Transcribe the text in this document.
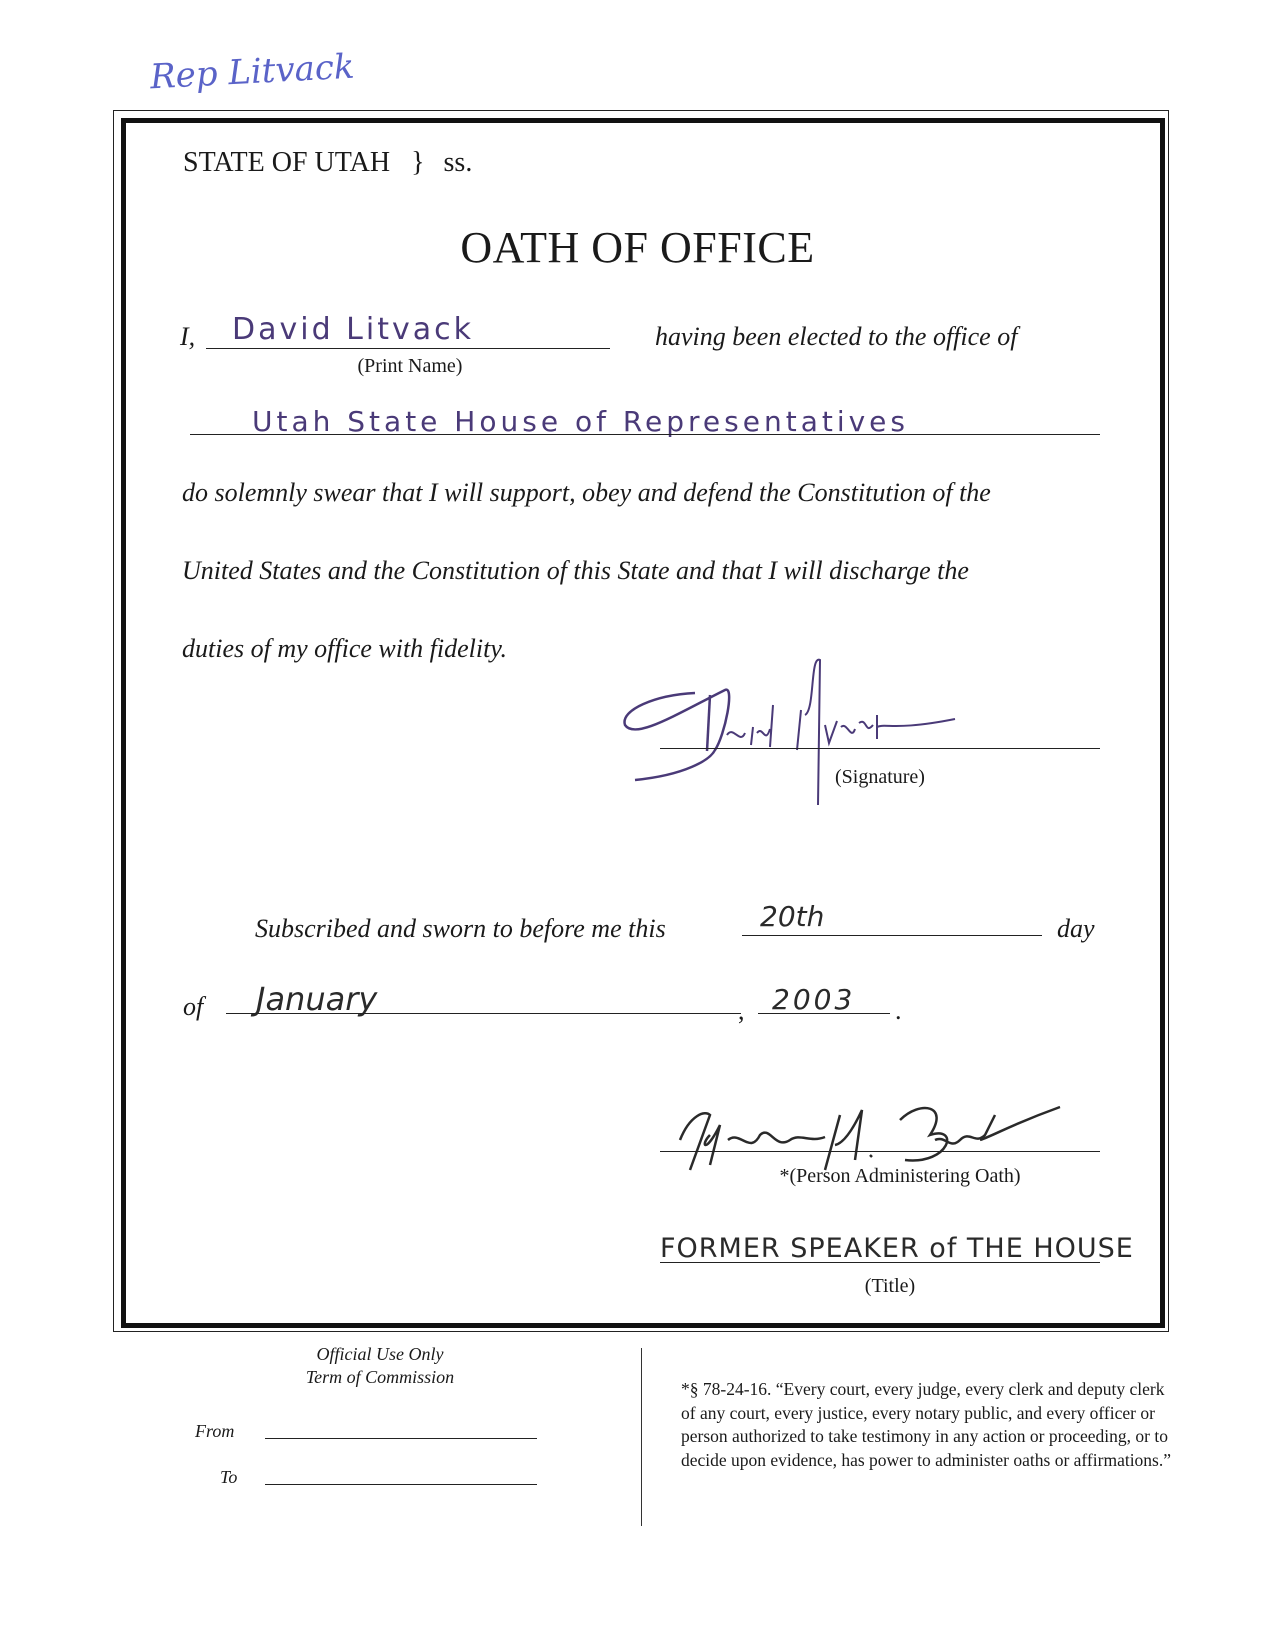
Rep Litvack
STATE OF UTAH } ss.
OATH OF OFFICE
I, David Litvack
(Print Name)
having been elected to the office of
Utah State House of Representatives
do solemnly swear that I will support, obey and defend the Constitution of the
United States and the Constitution of this State and that I will discharge the
duties of my office with fidelity.
(Signature)
Subscribed and sworn to before me this	20th	day
of January	, 2003 .
*(Person Administering Oath)
FORMER SPEAKER of THE HOUSE
(Title)
Official Use Only
Term of Commission
From
To
*§ 78-24-16. “Every court, every judge, every clerk and deputy clerk of any court, every justice, every notary public, and every officer or person authorized to take testimony in any action or proceeding, or to decide upon evidence, has power to administer oaths or affirmations.”
